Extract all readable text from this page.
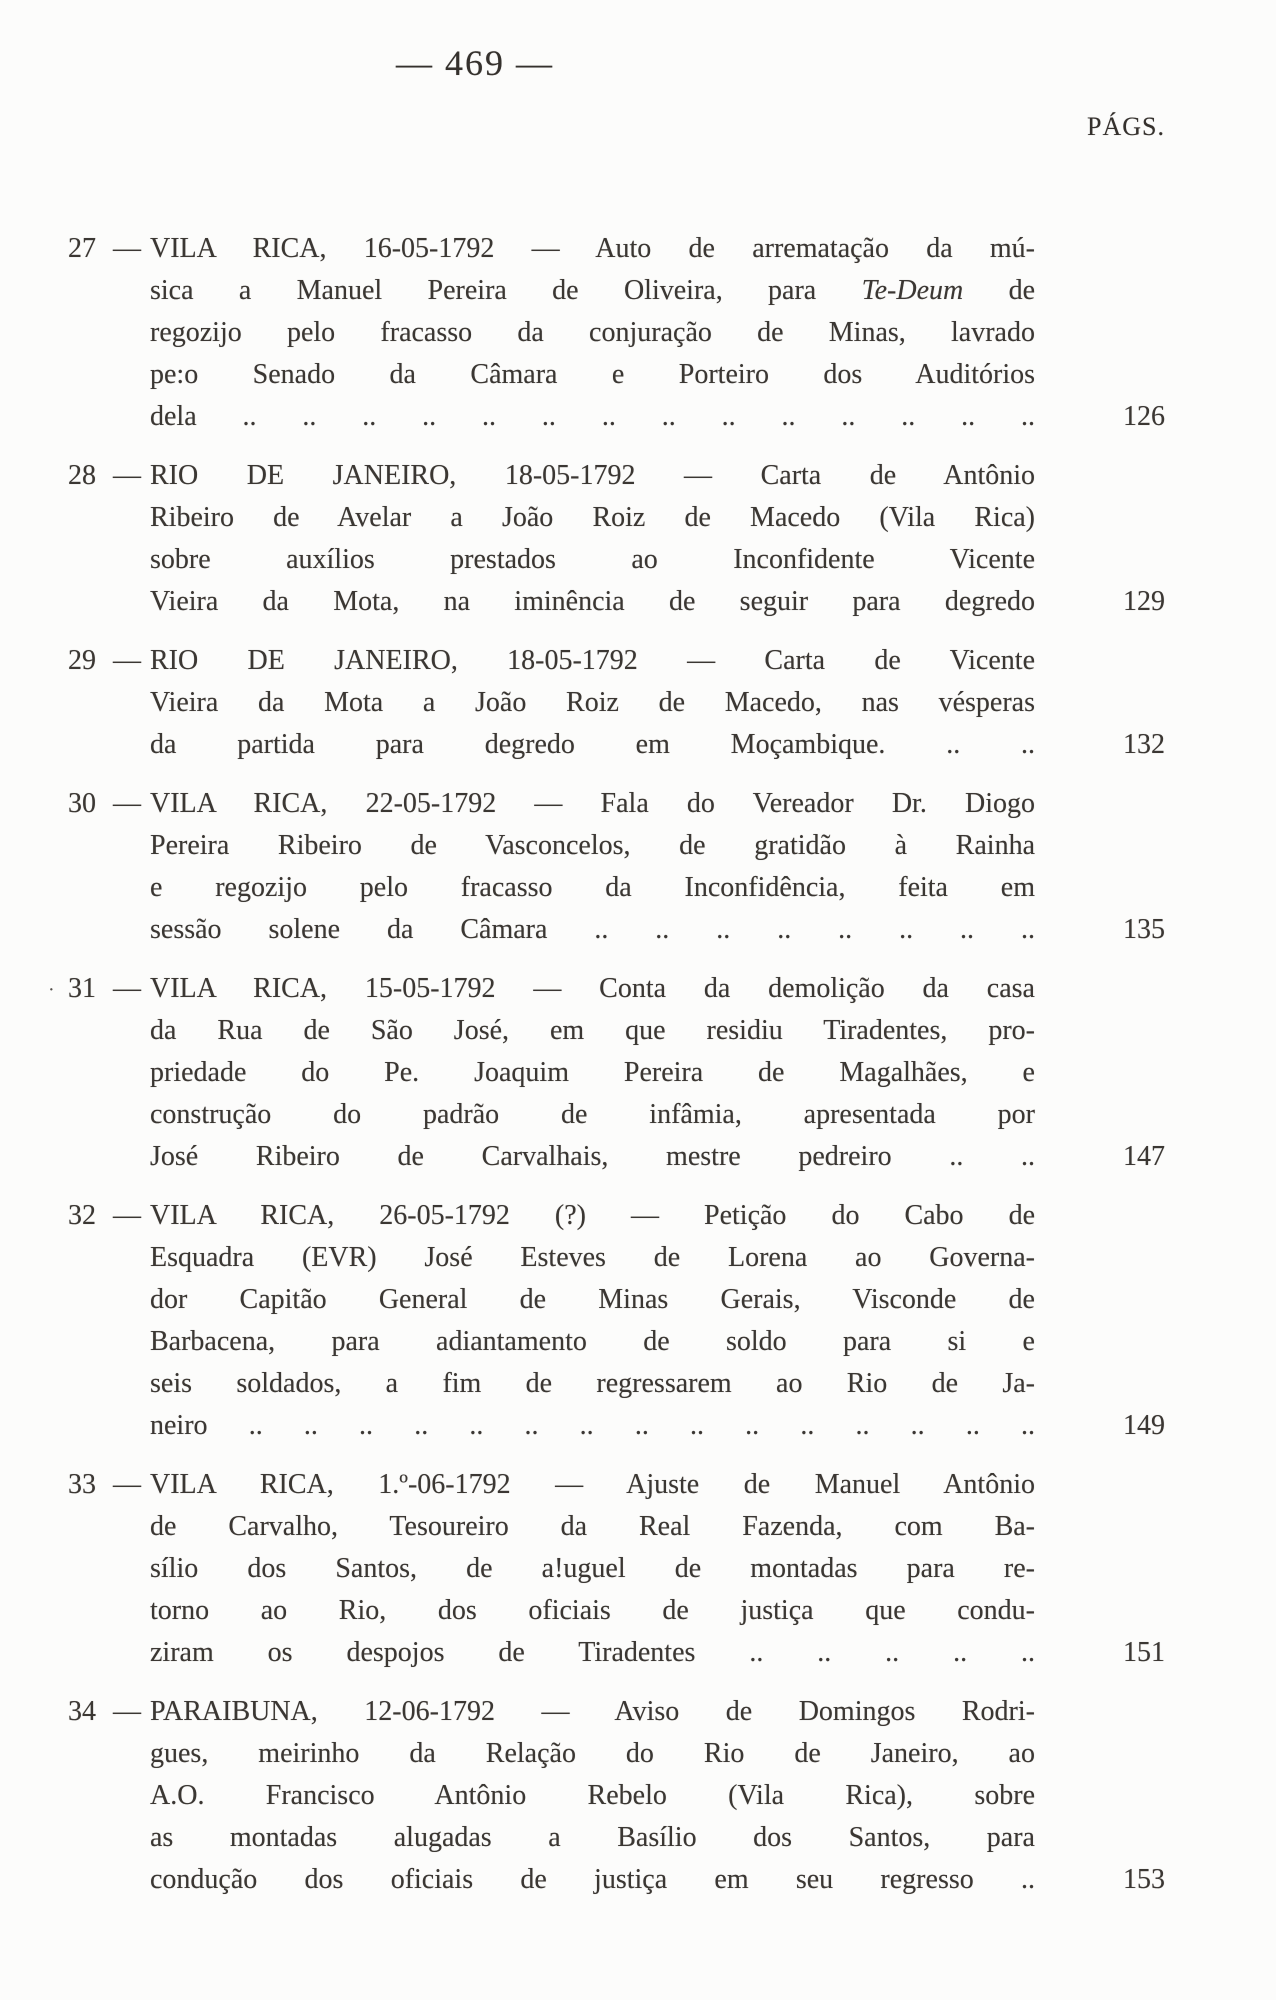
— 469 —
PÁGS.
27 — VILA RICA, 16-05-1792 — Auto de arrematação da mú-
sica a Manuel Pereira de Oliveira, para Te-Deum de
regozijo pelo fracasso da conjuração de Minas, lavrado
pe:o Senado da Câmara e Porteiro dos Auditórios
dela .. .. .. .. .. .. .. .. .. .. .. .. .. ..	126
28 — RIO DE JANEIRO, 18-05-1792 — Carta de Antônio
Ribeiro de Avelar a João Roiz de Macedo (Vila Rica)
sobre auxílios prestados ao Inconfidente Vicente
Vieira da Mota, na iminência de seguir para degredo	129
29 — RIO DE JANEIRO, 18-05-1792 — Carta de Vicente
Vieira da Mota a João Roiz de Macedo, nas vésperas
da partida para degredo em Moçambique. .. ..	132
30 — VILA RICA, 22-05-1792 — Fala do Vereador Dr. Diogo
Pereira Ribeiro de Vasconcelos, de gratidão à Rainha
e regozijo pelo fracasso da Inconfidência, feita em
sessão solene da Câmara .. .. .. .. .. .. .. ..	135
· 31 — VILA RICA, 15-05-1792 — Conta da demolição da casa
da Rua de São José, em que residiu Tiradentes, pro-
priedade do Pe. Joaquim Pereira de Magalhães, e
construção do padrão de infâmia, apresentada por
José Ribeiro de Carvalhais, mestre pedreiro .. ..	147
32 — VILA RICA, 26-05-1792 (?) — Petição do Cabo de
Esquadra (EVR) José Esteves de Lorena ao Governa-
dor Capitão General de Minas Gerais, Visconde de
Barbacena, para adiantamento de soldo para si e
seis soldados, a fim de regressarem ao Rio de Ja-
neiro .. .. .. .. .. .. .. .. .. .. .. .. .. .. ..	149
33 — VILA RICA, 1.º-06-1792 — Ajuste de Manuel Antônio
de Carvalho, Tesoureiro da Real Fazenda, com Ba-
sílio dos Santos, de a!uguel de montadas para re-
torno ao Rio, dos oficiais de justiça que condu-
ziram os despojos de Tiradentes .. .. .. .. ..	151
34 — PARAIBUNA, 12-06-1792 — Aviso de Domingos Rodri-
gues, meirinho da Relação do Rio de Janeiro, ao
A.O. Francisco Antônio Rebelo (Vila Rica), sobre
as montadas alugadas a Basílio dos Santos, para
condução dos oficiais de justiça em seu regresso ..	153
